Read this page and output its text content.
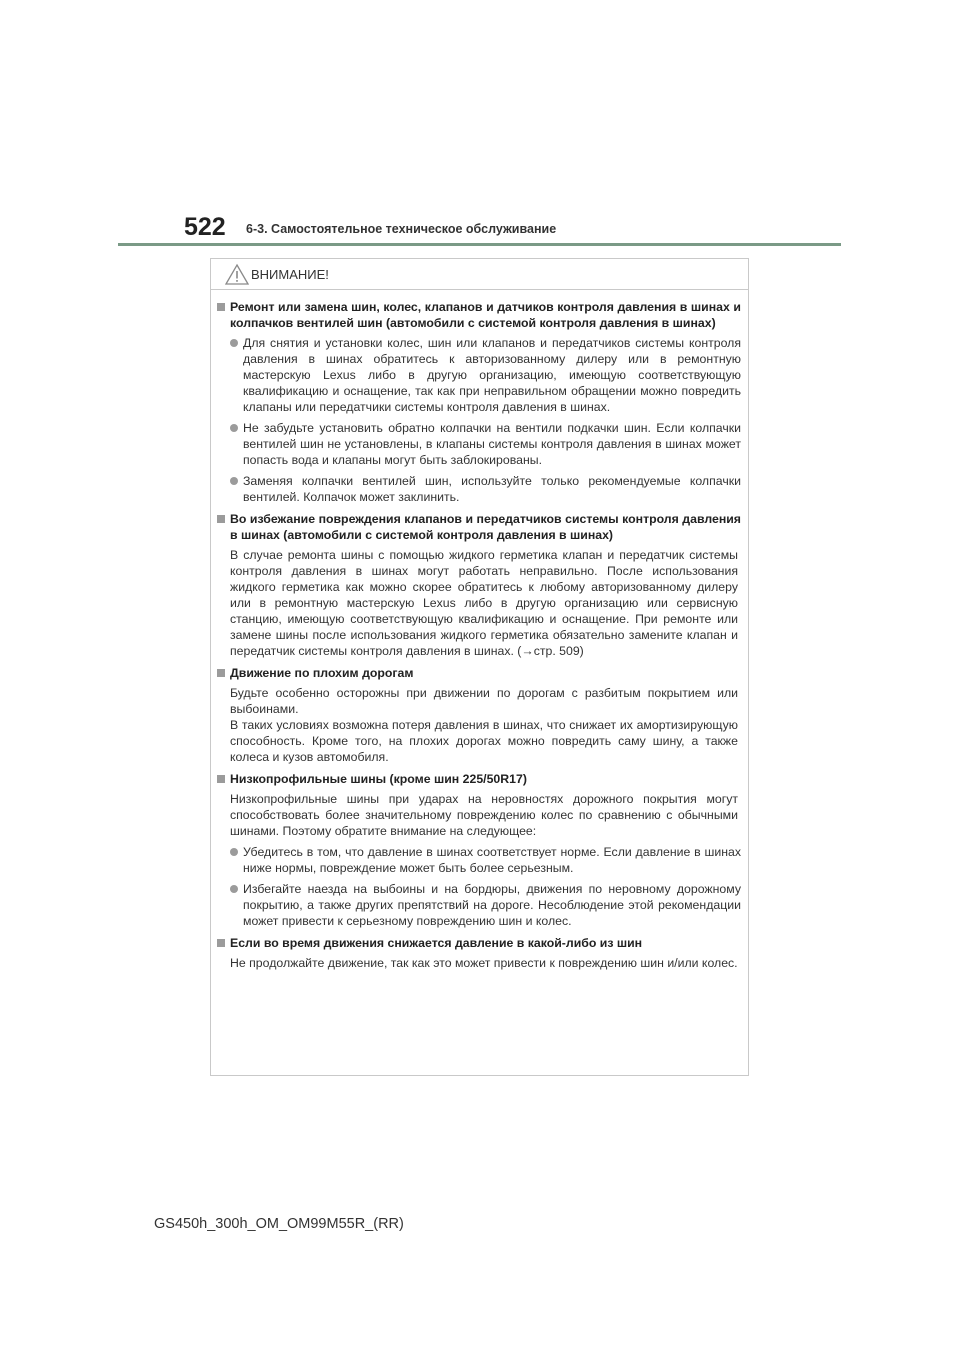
522 6-3. Самостоятельное техническое обслуживание
ВНИМАНИЕ!
Ремонт или замена шин, колес, клапанов и датчиков контроля давления в шинах и колпачков вентилей шин (автомобили с системой контроля давления в шинах)
Для снятия и установки колес, шин или клапанов и передатчиков системы контроля давления в шинах обратитесь к авторизованному дилеру или в ремонтную мастерскую Lexus либо в другую организацию, имеющую соответствующую квалификацию и оснащение, так как при неправильном обращении можно повредить клапаны или передатчики системы контроля давления в шинах.
Не забудьте установить обратно колпачки на вентили подкачки шин. Если колпачки вентилей шин не установлены, в клапаны системы контроля давления в шинах может попасть вода и клапаны могут быть заблокированы.
Заменяя колпачки вентилей шин, используйте только рекомендуемые колпачки вентилей. Колпачок может заклинить.
Во избежание повреждения клапанов и передатчиков системы контроля давления в шинах (автомобили с системой контроля давления в шинах)

В случае ремонта шины с помощью жидкого герметика клапан и передатчик системы контроля давления в шинах могут работать неправильно. После использования жидкого герметика как можно скорее обратитесь к любому авторизованному дилеру или в ремонтную мастерскую Lexus либо в другую организацию или сервисную станцию, имеющую соответствующую квалификацию и оснащение. При ремонте или замене шины после использования жидкого герметика обязательно замените клапан и передатчик системы контроля давления в шинах. (→стр. 509)

Движение по плохим дорогам

Будьте особенно осторожны при движении по дорогам с разбитым покрытием или выбоинами.

В таких условиях возможна потеря давления в шинах, что снижает их амортизирующую способность. Кроме того, на плохих дорогах можно повредить саму шину, а также колеса и кузов автомобиля.

Низкопрофильные шины (кроме шин 225/50R17)

Низкопрофильные шины при ударах на неровностях дорожного покрытия могут способствовать более значительному повреждению колес по сравнению с обычными шинами. Поэтому обратите внимание на следующее:

Убедитесь в том, что давление в шинах соответствует норме. Если давление в шинах ниже нормы, повреждение может быть более серьезным.
Избегайте наезда на выбоины и на бордюры, движения по неровному дорожному покрытию, а также других препятствий на дороге. Несоблюдение этой рекомендации может привести к серьезному повреждению шин и колес.
Если во время движения снижается давление в какой-либо из шин

Не продолжайте движение, так как это может привести к повреждению шин и/или колес.

GS450h_300h_OM_OM99M55R_(RR)
